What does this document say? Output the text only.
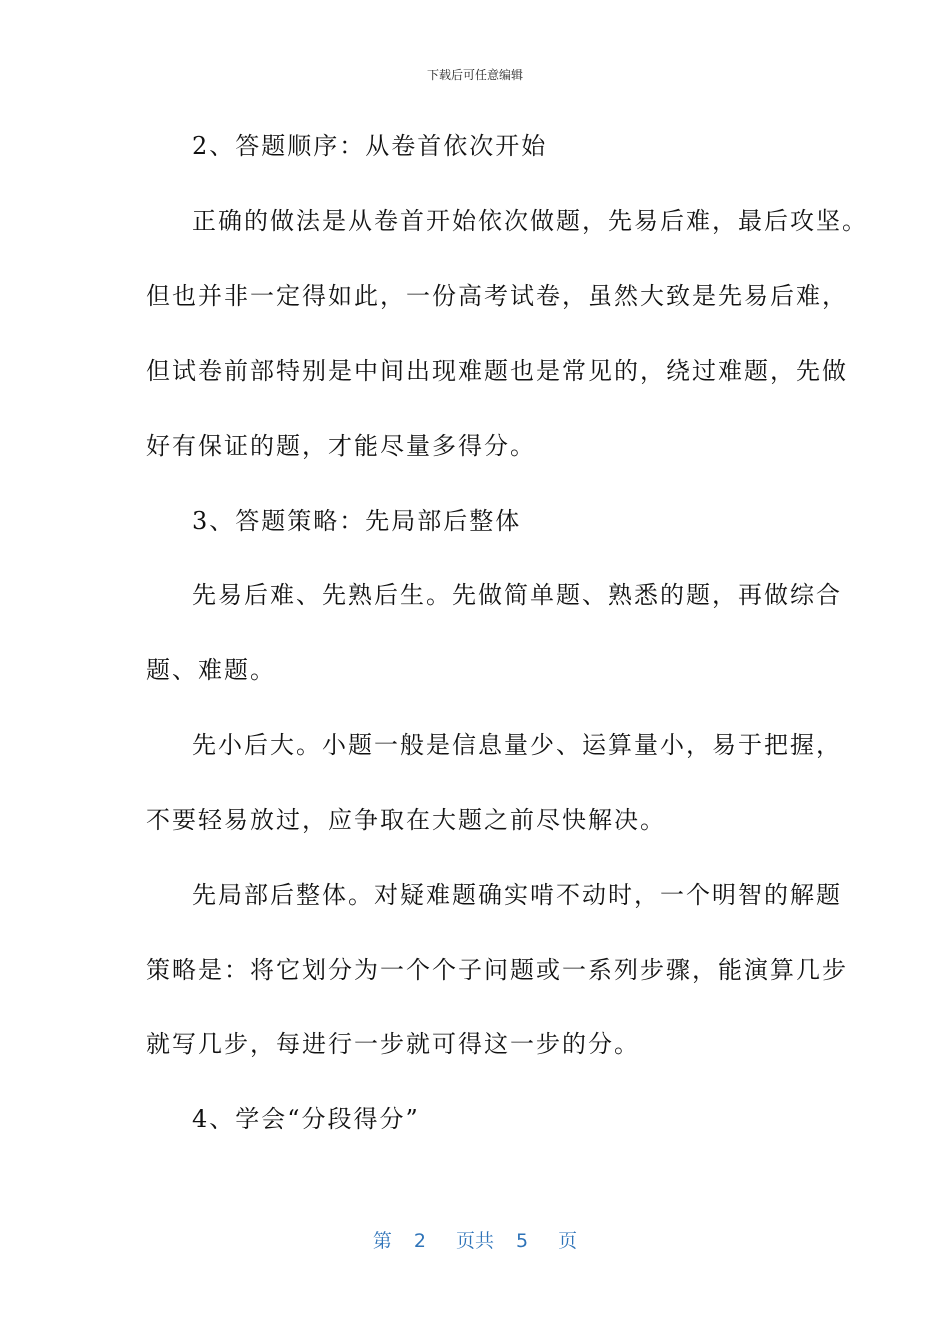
下载后可任意编辑
2、答题顺序：从卷首依次开始
正确的做法是从卷首开始依次做题，先易后难，最后攻坚。
但也并非一定得如此，一份高考试卷，虽然大致是先易后难，
但试卷前部特别是中间出现难题也是常见的，绕过难题，先做
好有保证的题，才能尽量多得分。
3、答题策略：先局部后整体
先易后难、先熟后生。先做简单题、熟悉的题，再做综合
题、难题。
先小后大。小题一般是信息量少、运算量小，易于把握，
不要轻易放过，应争取在大题之前尽快解决。
先局部后整体。对疑难题确实啃不动时，一个明智的解题
策略是：将它划分为一个个子问题或一系列步骤，能演算几步
就写几步，每进行一步就可得这一步的分。
4、学会“分段得分”
第 2 页共 5 页
